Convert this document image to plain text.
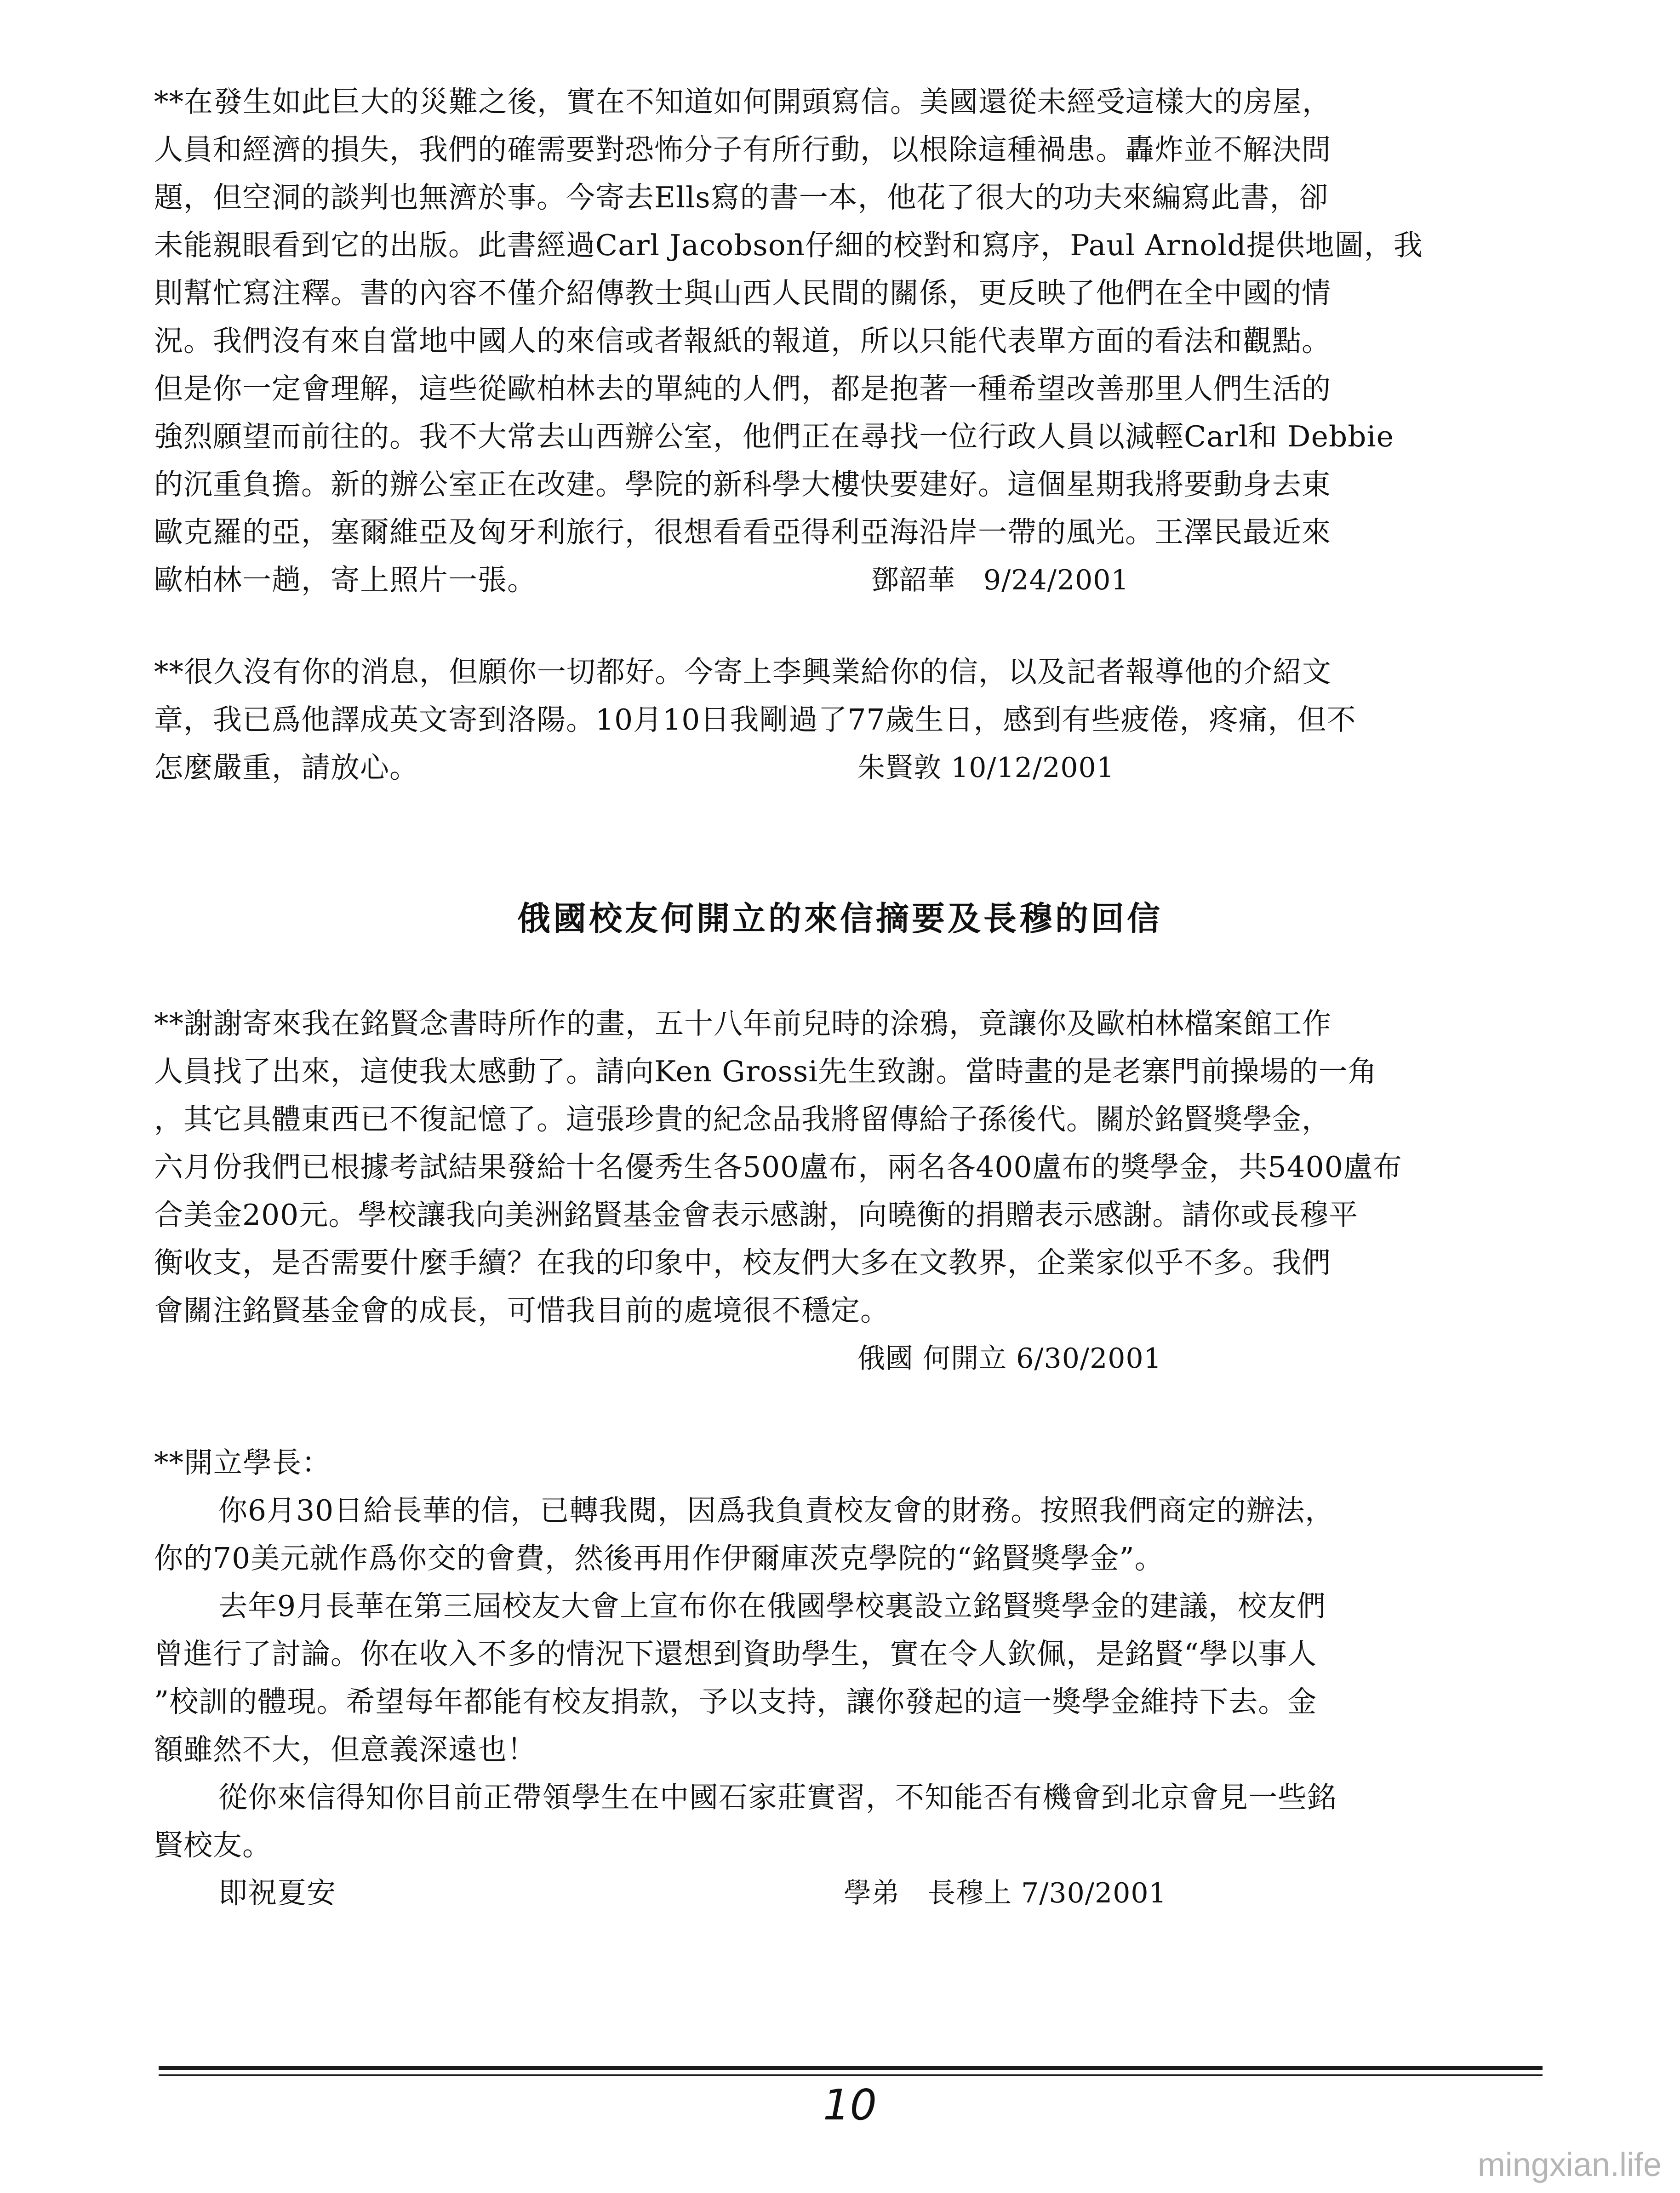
**在發生如此巨大的災難之後，實在不知道如何開頭寫信。美國還從未經受這樣大的房屋，
人員和經濟的損失，我們的確需要對恐怖分子有所行動，以根除這種禍患。轟炸並不解決問
題，但空洞的談判也無濟於事。今寄去Ells寫的書一本，他花了很大的功夫來編寫此書，卻
未能親眼看到它的出版。此書經過Carl Jacobson仔細的校對和寫序，Paul Arnold提供地圖，我
則幫忙寫注釋。書的內容不僅介紹傳教士與山西人民間的關係，更反映了他們在全中國的情
況。我們沒有來自當地中國人的來信或者報紙的報道，所以只能代表單方面的看法和觀點。
但是你一定會理解，這些從歐柏林去的單純的人們，都是抱著一種希望改善那里人們生活的
強烈願望而前往的。我不大常去山西辦公室，他們正在尋找一位行政人員以減輕Carl和 Debbie
的沉重負擔。新的辦公室正在改建。學院的新科學大樓快要建好。這個星期我將要動身去東
歐克羅的亞，塞爾維亞及匈牙利旅行，很想看看亞得利亞海沿岸一帶的風光。王澤民最近來
歐柏林一趟，寄上照片一張。	鄧韶華　9/24/2001
**很久沒有你的消息，但願你一切都好。今寄上李興業給你的信，以及記者報導他的介紹文
章，我已爲他譯成英文寄到洛陽。10月10日我剛過了77歲生日，感到有些疲倦，疼痛，但不
怎麼嚴重，請放心。	朱賢敦 10/12/2001
俄國校友何開立的來信摘要及長穆的回信
**謝謝寄來我在銘賢念書時所作的畫，五十八年前兒時的涂鴉，竟讓你及歐柏林檔案館工作
人員找了出來，這使我太感動了。請向Ken Grossi先生致謝。當時畫的是老寨門前操場的一角
，其它具體東西已不復記憶了。這張珍貴的紀念品我將留傳給子孫後代。關於銘賢獎學金，
六月份我們已根據考試結果發給十名優秀生各500盧布，兩名各400盧布的獎學金，共5400盧布
合美金200元。學校讓我向美洲銘賢基金會表示感謝，向曉衡的捐贈表示感謝。請你或長穆平
衡收支，是否需要什麼手續？在我的印象中，校友們大多在文教界，企業家似乎不多。我們
會關注銘賢基金會的成長，可惜我目前的處境很不穩定。
俄國 何開立 6/30/2001
**開立學長：
你6月30日給長華的信，已轉我閱，因爲我負責校友會的財務。按照我們商定的辦法，
你的70美元就作爲你交的會費，然後再用作伊爾庫茨克學院的“銘賢獎學金”。
去年9月長華在第三屆校友大會上宣布你在俄國學校裏設立銘賢獎學金的建議，校友們
曾進行了討論。你在收入不多的情況下還想到資助學生，實在令人欽佩，是銘賢“學以事人
”校訓的體現。希望每年都能有校友捐款，予以支持，讓你發起的這一獎學金維持下去。金
額雖然不大，但意義深遠也！
從你來信得知你目前正帶領學生在中國石家莊實習，不知能否有機會到北京會見一些銘
賢校友。
即祝夏安	學弟　長穆上 7/30/2001
10
mingxian.life
